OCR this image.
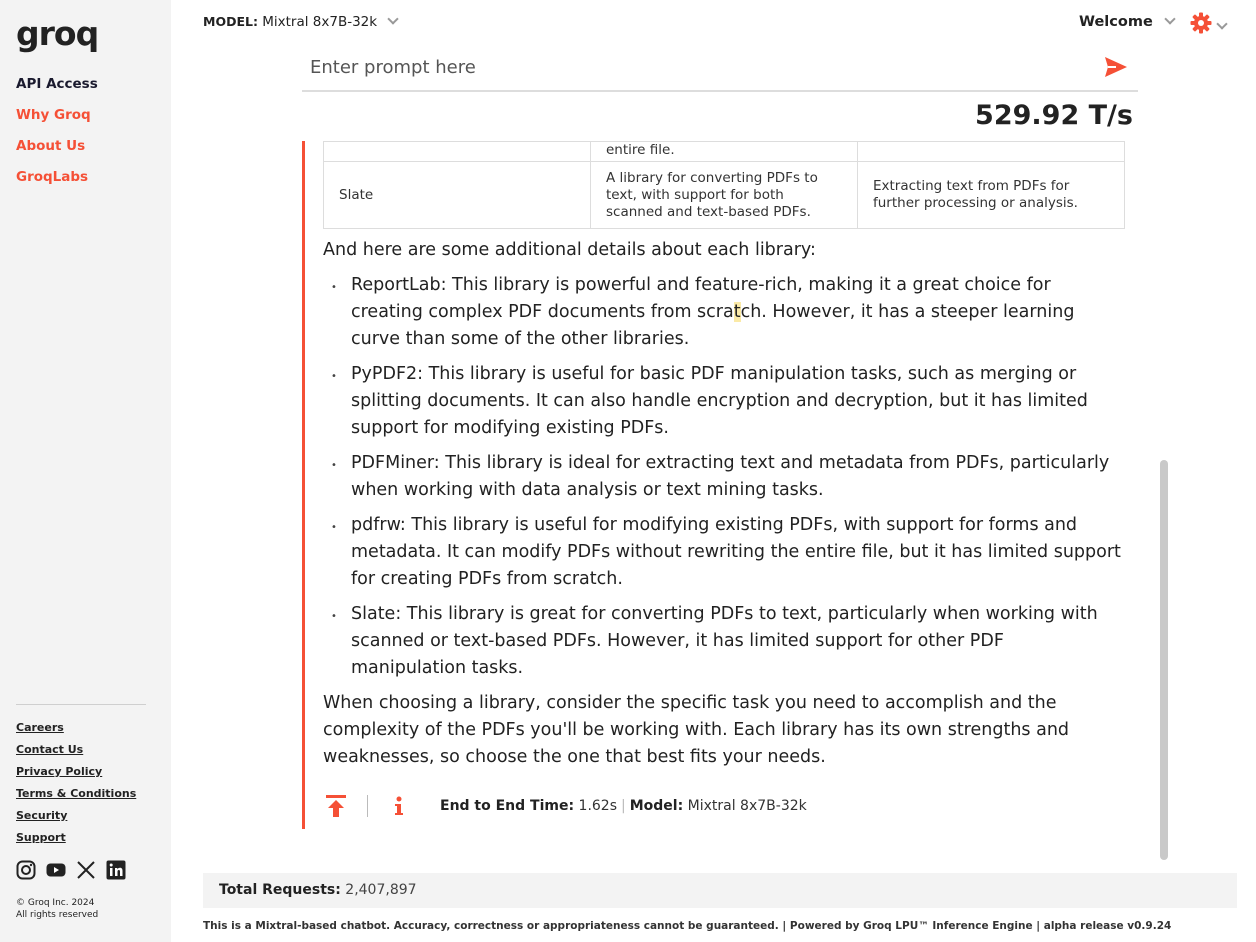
groq
API Access
Why Groq
About Us
GroqLabs
Careers
Contact Us
Privacy Policy
Terms & Conditions
Security
Support
© Groq Inc. 2024
All rights reserved
MODEL: Mixtral 8x7B-32k	Welcome
Enter prompt here
529.92 T/s
	entire file.	
Slate	A library for converting PDFs to text, with support for both scanned and text-based PDFs.	Extracting text from PDFs for further processing or analysis.

And here are some additional details about each library:

• ReportLab: This library is powerful and feature-rich, making it a great choice for creating complex PDF documents from scratch. However, it has a steeper learning curve than some of the other libraries.
• PyPDF2: This library is useful for basic PDF manipulation tasks, such as merging or splitting documents. It can also handle encryption and decryption, but it has limited support for modifying existing PDFs.
• PDFMiner: This library is ideal for extracting text and metadata from PDFs, particularly when working with data analysis or text mining tasks.
• pdfrw: This library is useful for modifying existing PDFs, with support for forms and metadata. It can modify PDFs without rewriting the entire file, but it has limited support for creating PDFs from scratch.
• Slate: This library is great for converting PDFs to text, particularly when working with scanned or text-based PDFs. However, it has limited support for other PDF manipulation tasks.

When choosing a library, consider the specific task you need to accomplish and the complexity of the PDFs you'll be working with. Each library has its own strengths and weaknesses, so choose the one that best fits your needs.

End to End Time: 1.62s | Model: Mixtral 8x7B-32k
Total Requests: 2,407,897
This is a Mixtral-based chatbot. Accuracy, correctness or appropriateness cannot be guaranteed. | Powered by Groq LPU™ Inference Engine | alpha release v0.9.24
